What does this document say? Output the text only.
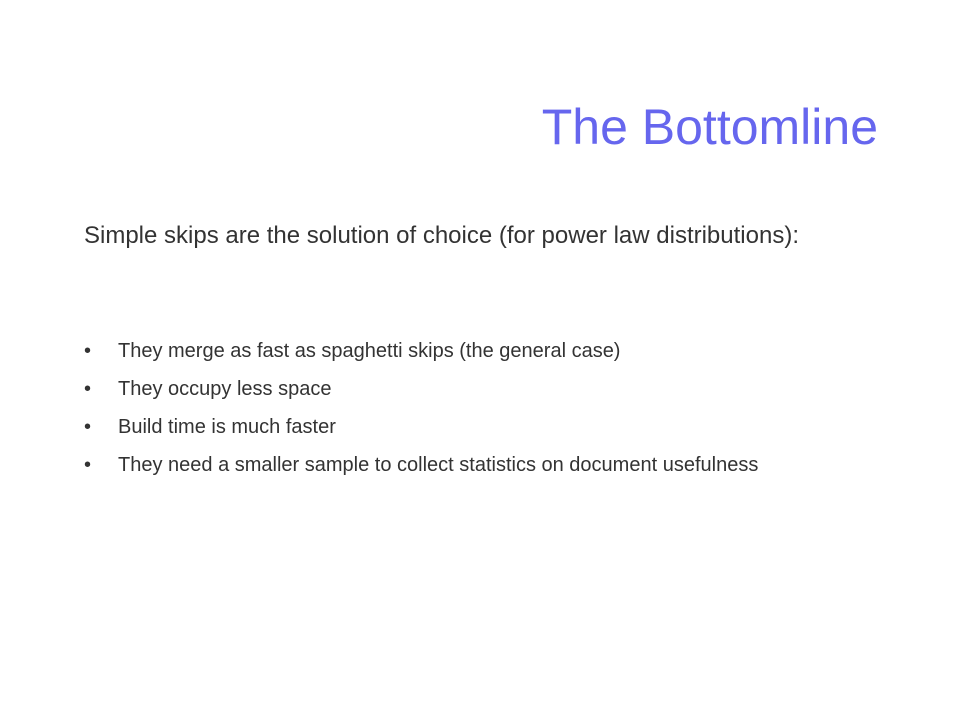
The Bottomline
Simple skips are the solution of choice (for power law distributions):
• They merge as fast as spaghetti skips (the general case)
• They occupy less space
• Build time is much faster
• They need a smaller sample to collect statistics on document usefulness
